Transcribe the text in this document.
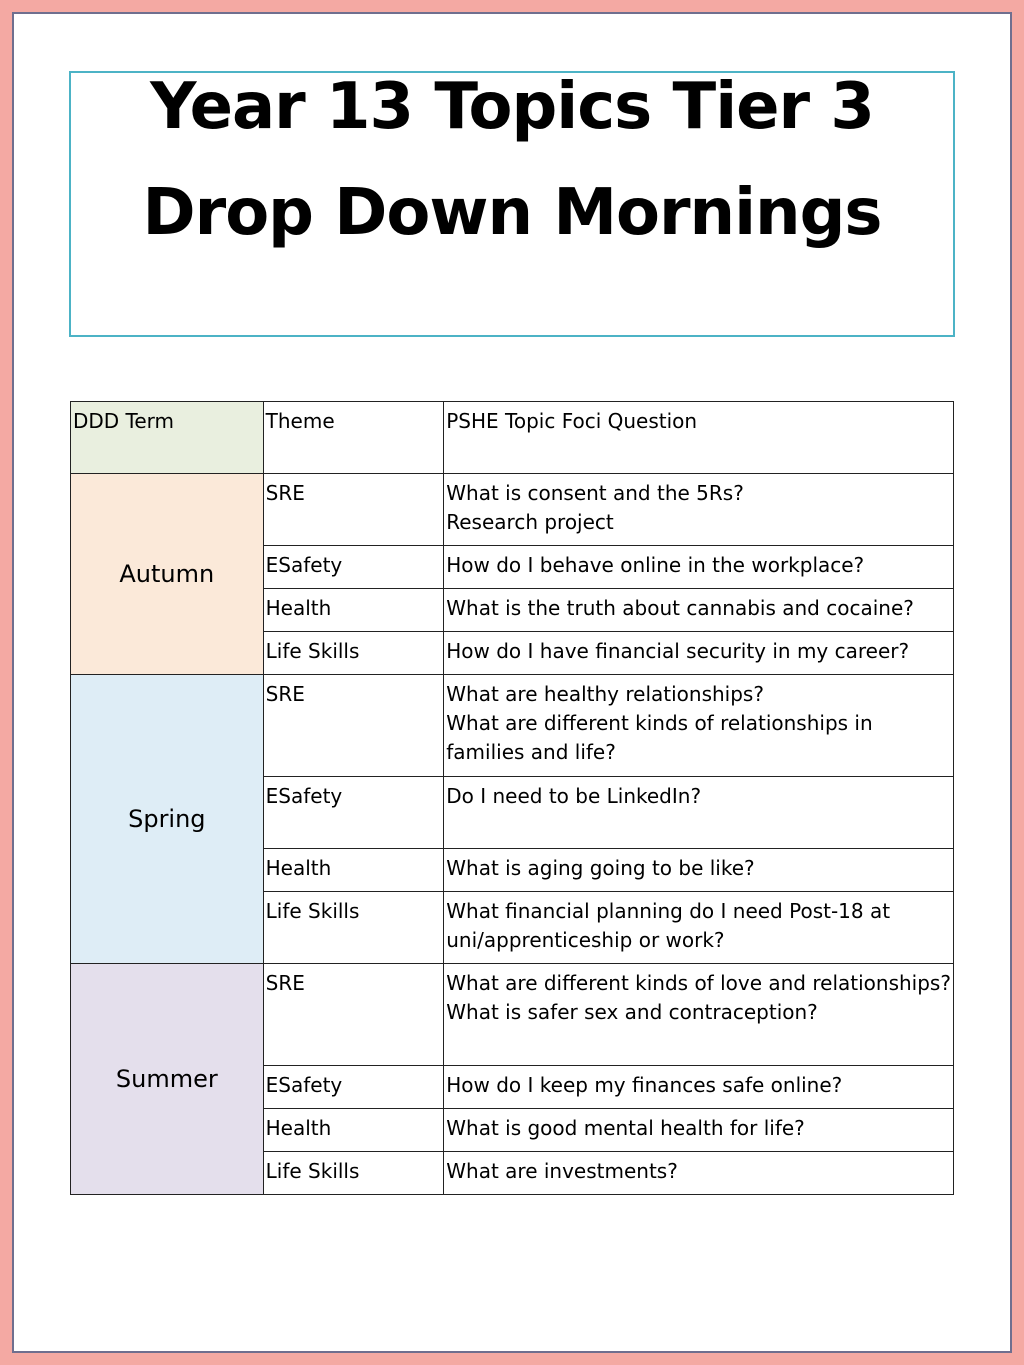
Year 13 Topics Tier 3
Drop Down Mornings
DDD Term	Theme	PSHE Topic Foci Question
Autumn	SRE	What is consent and the 5Rs?
Research project

	ESafety	How do I behave online in the workplace?

	Health	What is the truth about cannabis and cocaine?

	Life Skills	How do I have financial security in my career?

Spring	SRE	What are healthy relationships?
What are different kinds of relationships in families and life?

	ESafety	Do I need to be LinkedIn?

	Health	What is aging going to be like?

	Life Skills	What financial planning do I need Post-18 at uni/apprenticeship or work?

Summer	SRE	What are different kinds of love and relationships?
What is safer sex and contraception?

	ESafety	How do I keep my finances safe online?

	Health	What is good mental health for life?

	Life Skills	What are investments?
